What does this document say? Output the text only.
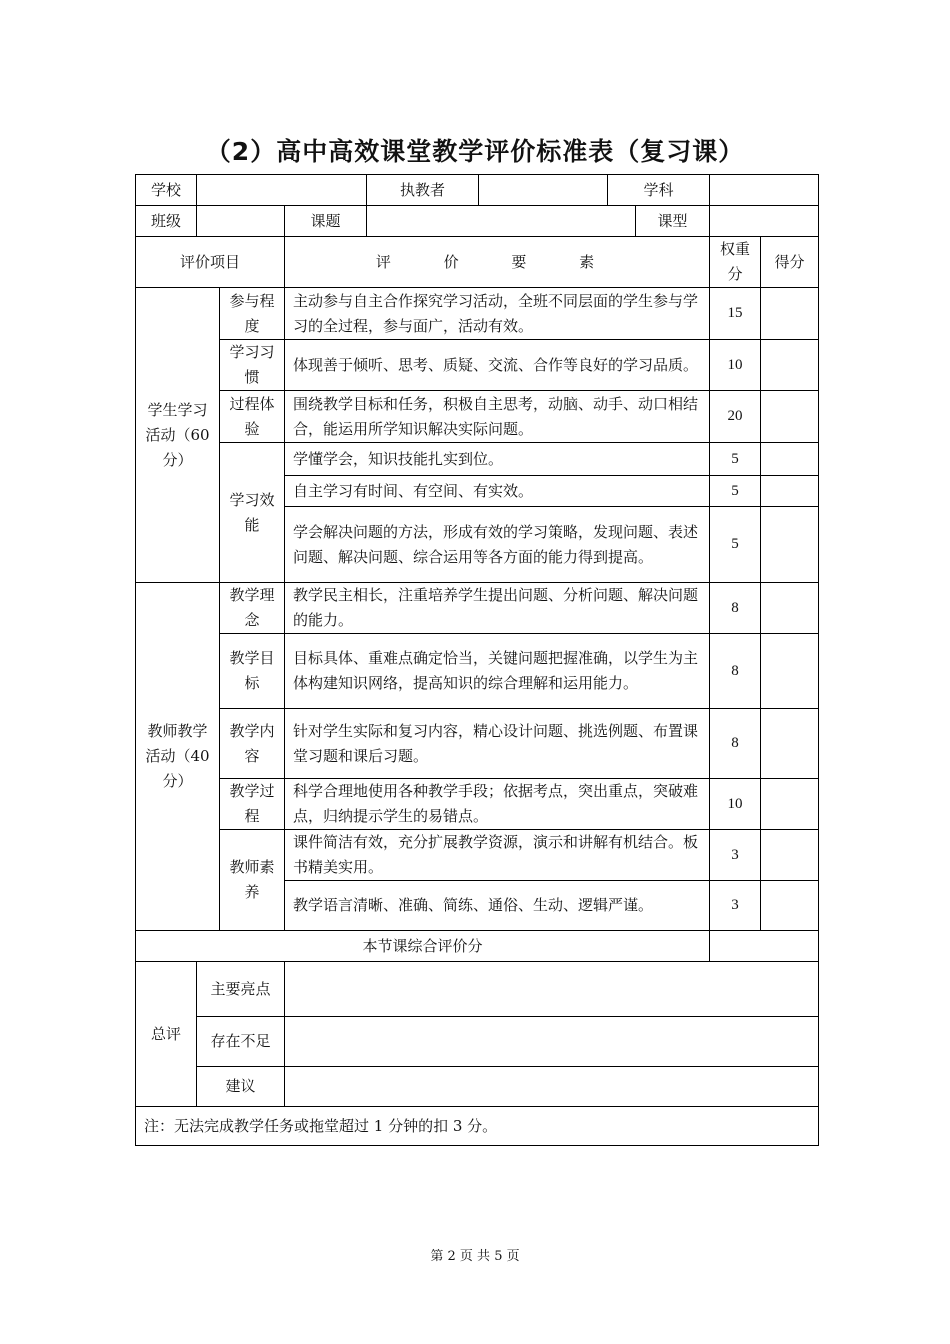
（2）高中高效课堂教学评价标准表（复习课）
学校				执教者		学科			
班级			课题				课型		
评价项目			评 价 要 素					权重分	得分
学生学习活动（60分）		参与程度	主动参与自主合作探究学习活动，全班不同层面的学生参与学习的全过程，参与面广，活动有效。					15	
		学习习惯	体现善于倾听、思考、质疑、交流、合作等良好的学习品质。					10	
		过程体验	围绕教学目标和任务，积极自主思考，动脑、动手、动口相结合，能运用所学知识解决实际问题。					20	
		学习效能	学懂学会，知识技能扎实到位。					5	
			自主学习有时间、有空间、有实效。					5	
			学会解决问题的方法，形成有效的学习策略，发现问题、表述问题、解决问题、综合运用等各方面的能力得到提高。					5	
教师教学活动（40分）		教学理念	教学民主相长，注重培养学生提出问题、分析问题、解决问题的能力。					8	
		教学目标	目标具体、重难点确定恰当，关键问题把握准确，以学生为主体构建知识网络，提高知识的综合理解和运用能力。					8	
		教学内容	针对学生实际和复习内容，精心设计问题、挑选例题、布置课堂习题和课后习题。					8	
		教学过程	科学合理地使用各种教学手段；依据考点，突出重点，突破难点，归纳提示学生的易错点。					10	
		教师素养	课件简洁有效，充分扩展教学资源，演示和讲解有机结合。板书精美实用。					3	
			教学语言清晰、准确、简练、通俗、生动、逻辑严谨。					3	
本节课综合评价分									
总评	主要亮点								
	存在不足								
	建议								
注：无法完成教学任务或拖堂超过 1 分钟的扣 3 分。									
第 2 页 共 5 页
